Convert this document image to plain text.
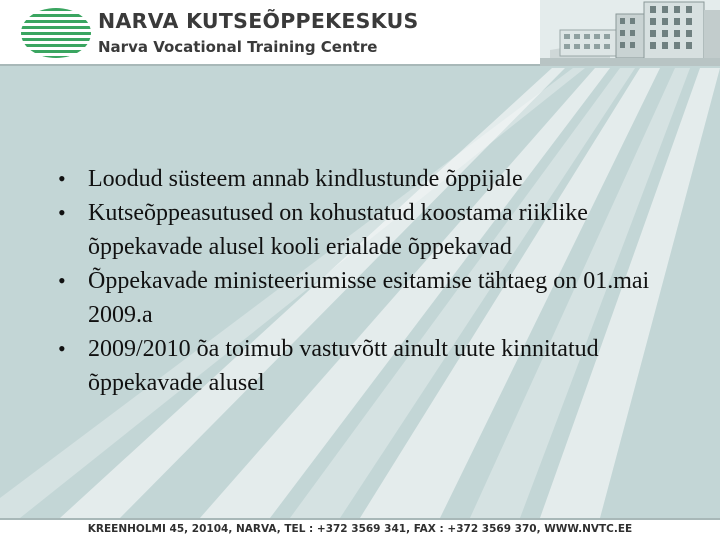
NARVA KUTSEÕPPEKESKUS
Narva Vocational Training Centre
• Loodud süsteem annab kindlustunde õppijale
• Kutseõppeasutused on kohustatud koostama riiklike õppekavade alusel kooli erialade õppekavad
• Õppekavade ministeeriumisse esitamise tähtaeg on 01.mai 2009.a
• 2009/2010 õa toimub vastuvõtt ainult uute kinnitatud õppekavade alusel
KREENHOLMI 45, 20104, NARVA, TEL : +372 3569 341, FAX : +372 3569 370, WWW.NVTC.EE
